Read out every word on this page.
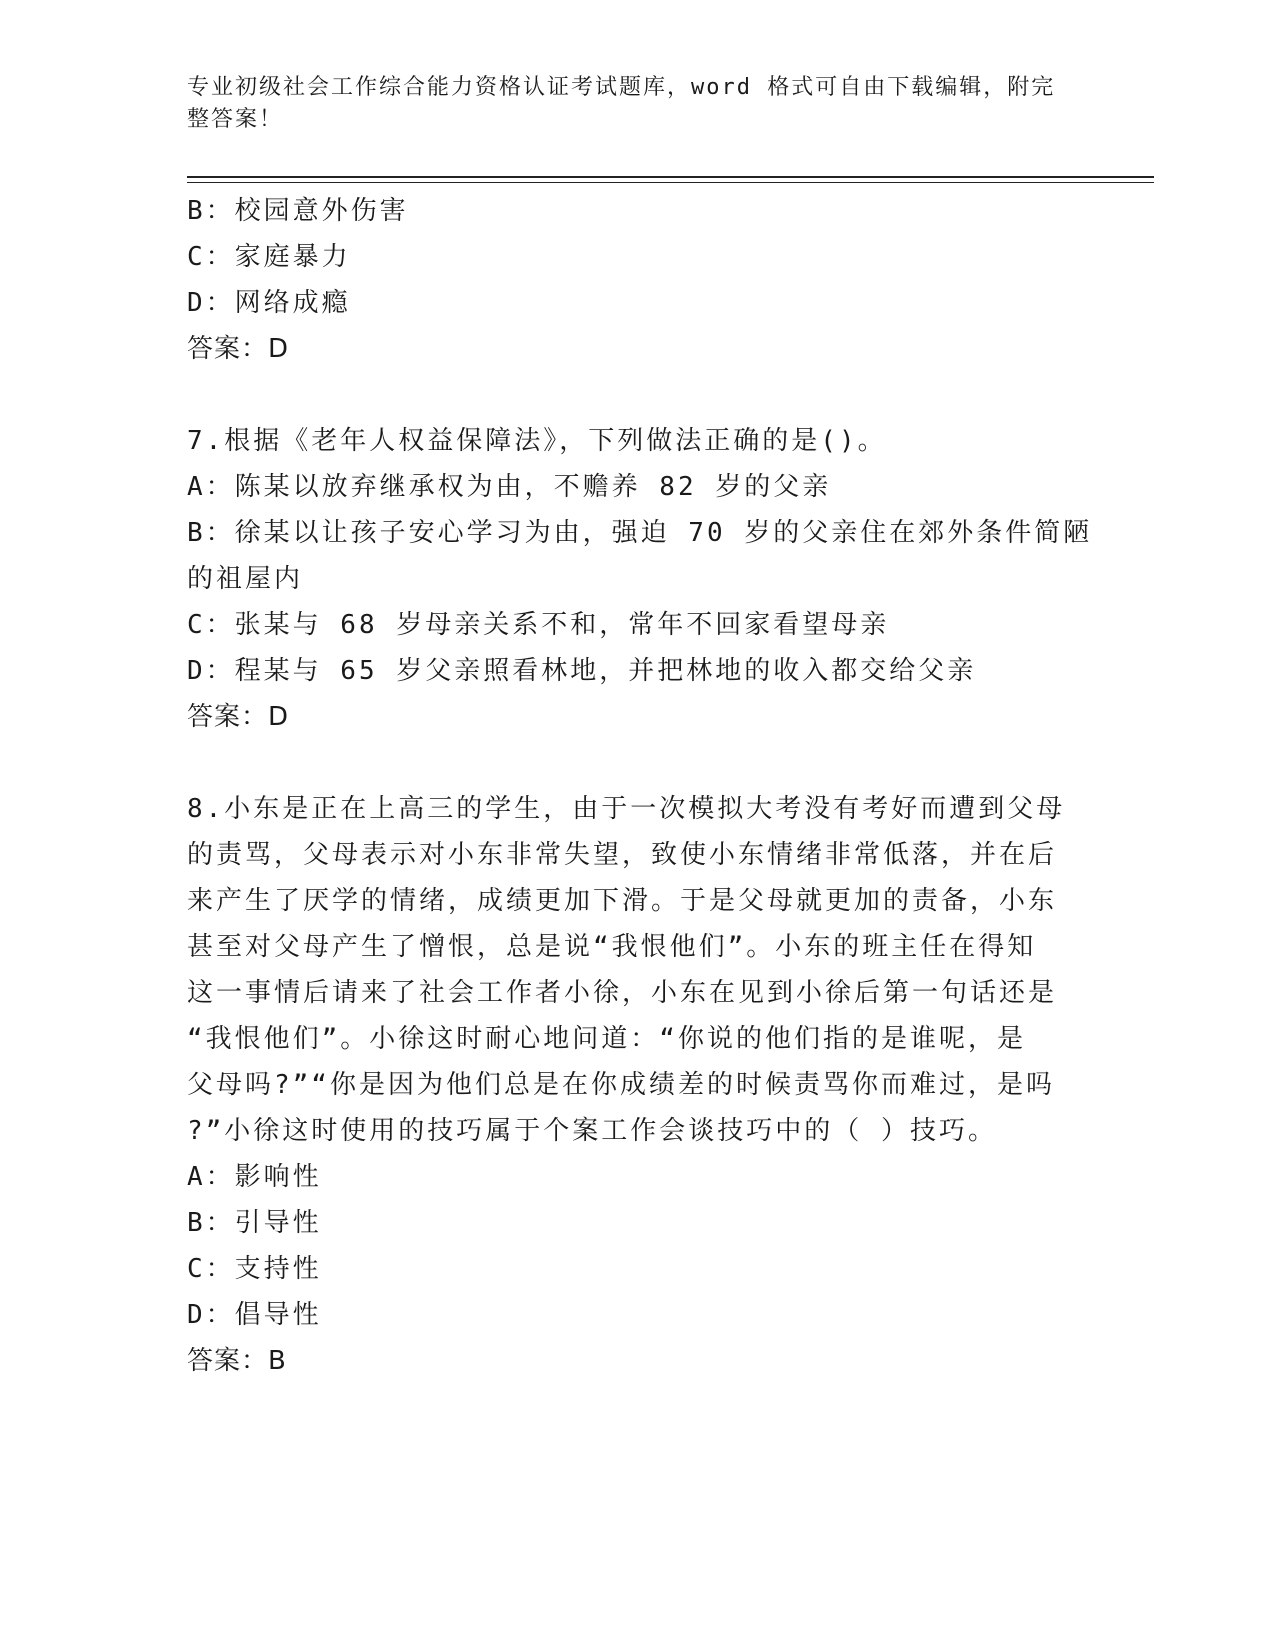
专业初级社会工作综合能力资格认证考试题库，word 格式可自由下载编辑，附完
整答案！
B：校园意外伤害
C：家庭暴力
D：网络成瘾
答案：D
7.根据《老年人权益保障法》，下列做法正确的是()。
A：陈某以放弃继承权为由，不赡养 82 岁的父亲
B：徐某以让孩子安心学习为由，强迫 70 岁的父亲住在郊外条件简陋
的祖屋内
C：张某与 68 岁母亲关系不和，常年不回家看望母亲
D：程某与 65 岁父亲照看林地，并把林地的收入都交给父亲
答案：D
8.小东是正在上高三的学生，由于一次模拟大考没有考好而遭到父母
的责骂，父母表示对小东非常失望，致使小东情绪非常低落，并在后
来产生了厌学的情绪，成绩更加下滑。于是父母就更加的责备，小东
甚至对父母产生了憎恨，总是说“我恨他们”。小东的班主任在得知
这一事情后请来了社会工作者小徐，小东在见到小徐后第一句话还是
“我恨他们”。小徐这时耐心地问道：“你说的他们指的是谁呢，是
父母吗?”“你是因为他们总是在你成绩差的时候责骂你而难过，是吗
?”小徐这时使用的技巧属于个案工作会谈技巧中的（ ）技巧。
A：影响性
B：引导性
C：支持性
D：倡导性
答案：B
